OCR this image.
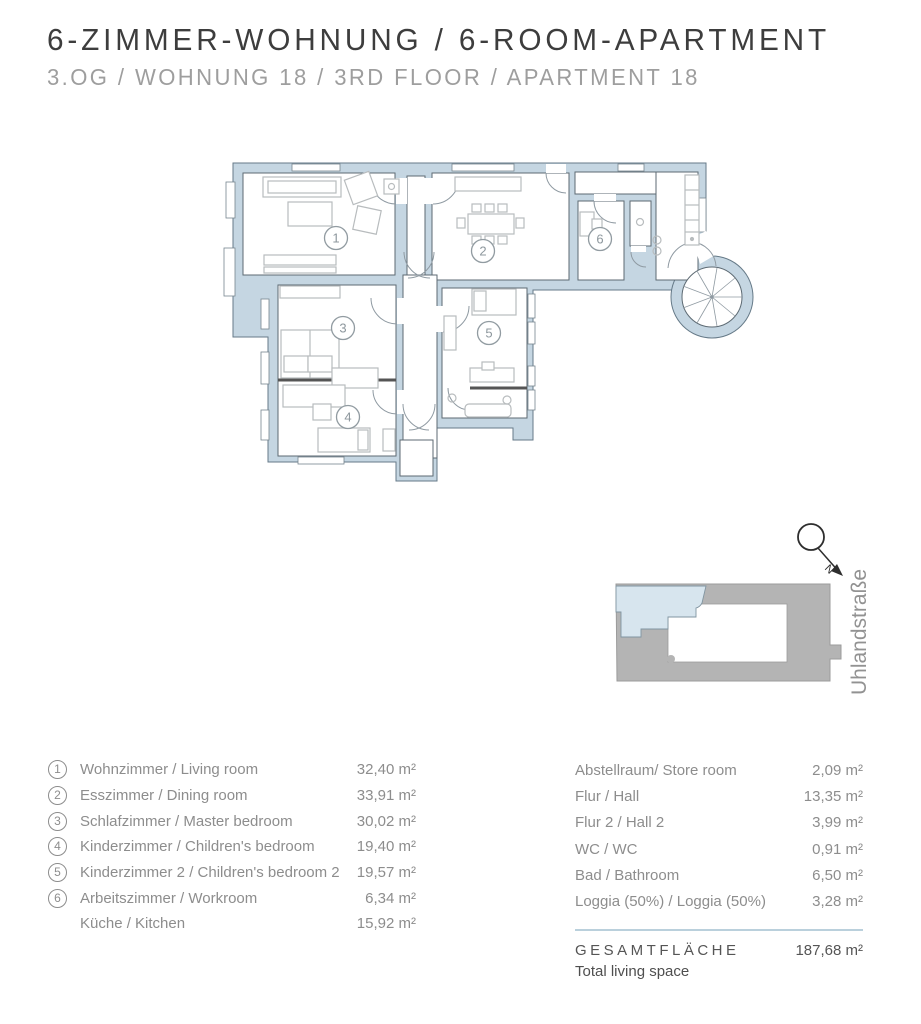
6-ZIMMER-WOHNUNG / 6-ROOM-APARTMENT
3.OG / WOHNUNG 18 / 3RD FLOOR / APARTMENT 18
1
2
3
4
5
6
N Uhlandstraße
1	Wohnzimmer / Living room	32,40 m²
2	Esszimmer / Dining room	33,91 m²
3	Schlafzimmer / Master bedroom	30,02 m²
4	Kinderzimmer / Children's bedroom	19,40 m²
5	Kinderzimmer 2 / Children's bedroom 2	19,57 m²
6	Arbeitszimmer / Workroom	6,34 m²
Küche / Kitchen	15,92 m²
Abstellraum/ Store room	2,09 m²
Flur / Hall	13,35 m²
Flur 2 / Hall 2	3,99 m²
WC / WC	0,91 m²
Bad / Bathroom	6,50 m²
Loggia (50%) / Loggia (50%)	3,28 m²
GESAMTFLÄCHE	187,68 m²
Total living space
